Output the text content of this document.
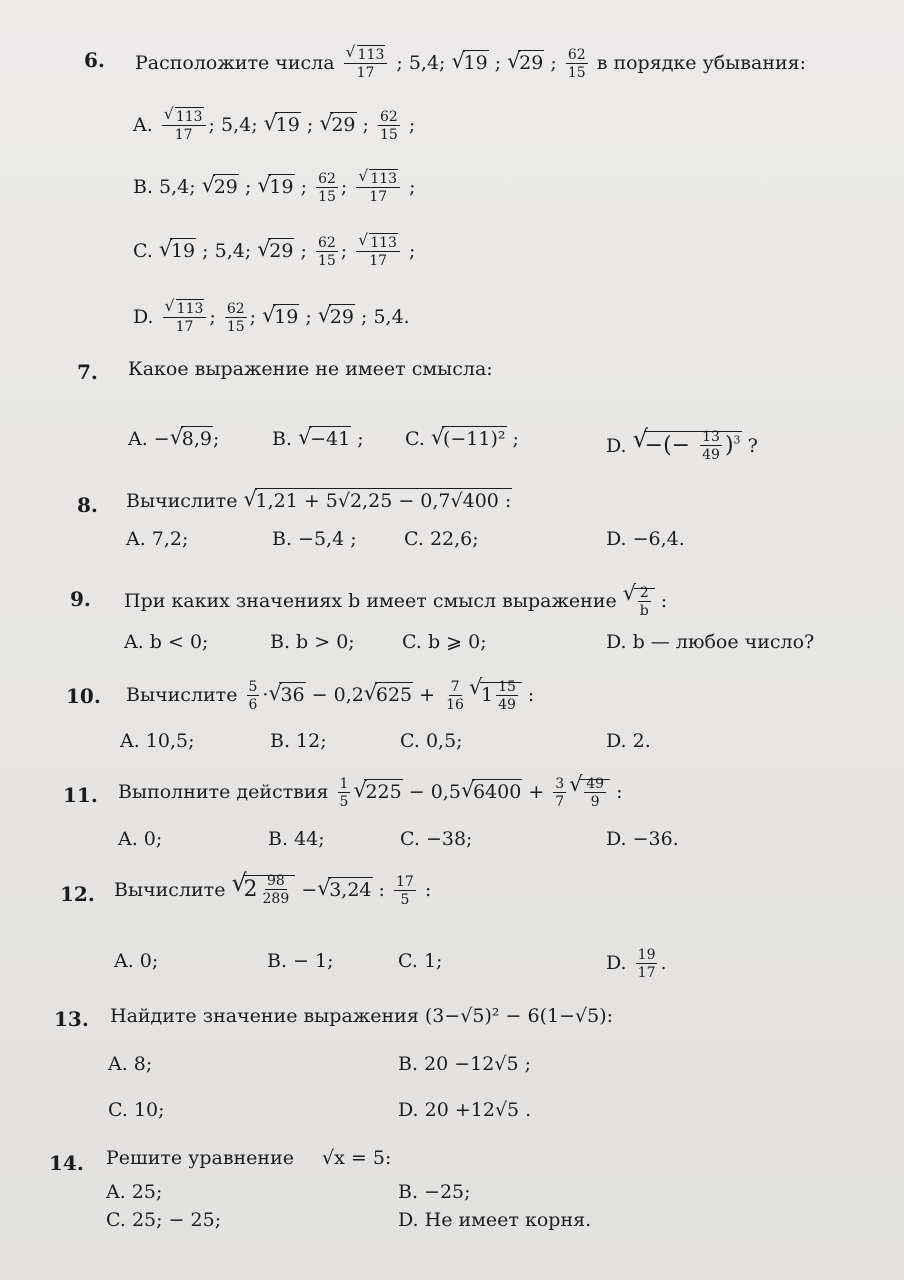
6. Расположите числа √ $\frac{113}{17}$ ; 5,4; √ 19 ; √ 29 ; $\frac{62}{15}$ в порядке убывания:
A. √ $\frac{113}{17}$ ; 5,4; √ 19 ; √ 29 ; $\frac{62}{15}$ ;
B. 5,4; √ 29 ; √ 19 ; $\frac{62}{15}$ ; √ $\frac{113}{17}$ ;
C. √ 19 ; 5,4; √ 29 ; $\frac{62}{15}$ ; √ $\frac{113}{17}$ ;
D. √ $\frac{113}{17}$ ; $\frac{62}{15}$ ; √ 19 ; √ 29 ; 5,4.
7. Какое выражение не имеет смысла:
A. − √ 8,9;	B. √ −41 ; C. √ (−11)² ;	D. √ −(− $\frac{13}{49} )^3$ ?
8. Вычислите √ 1,21 + 5√2,25 − 0,7√400 :
A. 7,2;	B. −5,4 ; C. 22,6;	D. −6,4.
9. При каких значениях b имеет смысл выражение √ $\frac{2}{b}$ :
A. b < 0;	B. b > 0; C. b ⩾ 0;	D. b — любое число?
10. Вычислите $\frac{5}{6}$ · √ 36 − 0,2 √ $625 + \frac{7}{16}$ √ $1 \frac{15}{49}$ :
A. 10,5;	B. 12;	C. 0,5;	D. 2.
11. Выполните действия $\frac{1}{5}$ √ 225 − 0,5 √ $6400 + \frac{3}{7}$ √ $\frac{49}{9}$ :
A. 0;	B. 44;	C. −38;	D. −36.
12. Вычислите √ $2 \frac{98}{289}$ − √ 3,24 : $\frac{17}{5}$ :
A. 0;	B. − 1;	C. 1;	D. $\frac{19}{17}$ .
13. Найдите значение выражения (3−√5)² − 6(1−√5):
A. 8;	B. 20 −12√5 ;
C. 10;	D. 20 +12√5 .
14. Решите уравнение √x = 5:
A. 25;	B. −25;
C. 25; − 25;	D. Не имеет корня.
